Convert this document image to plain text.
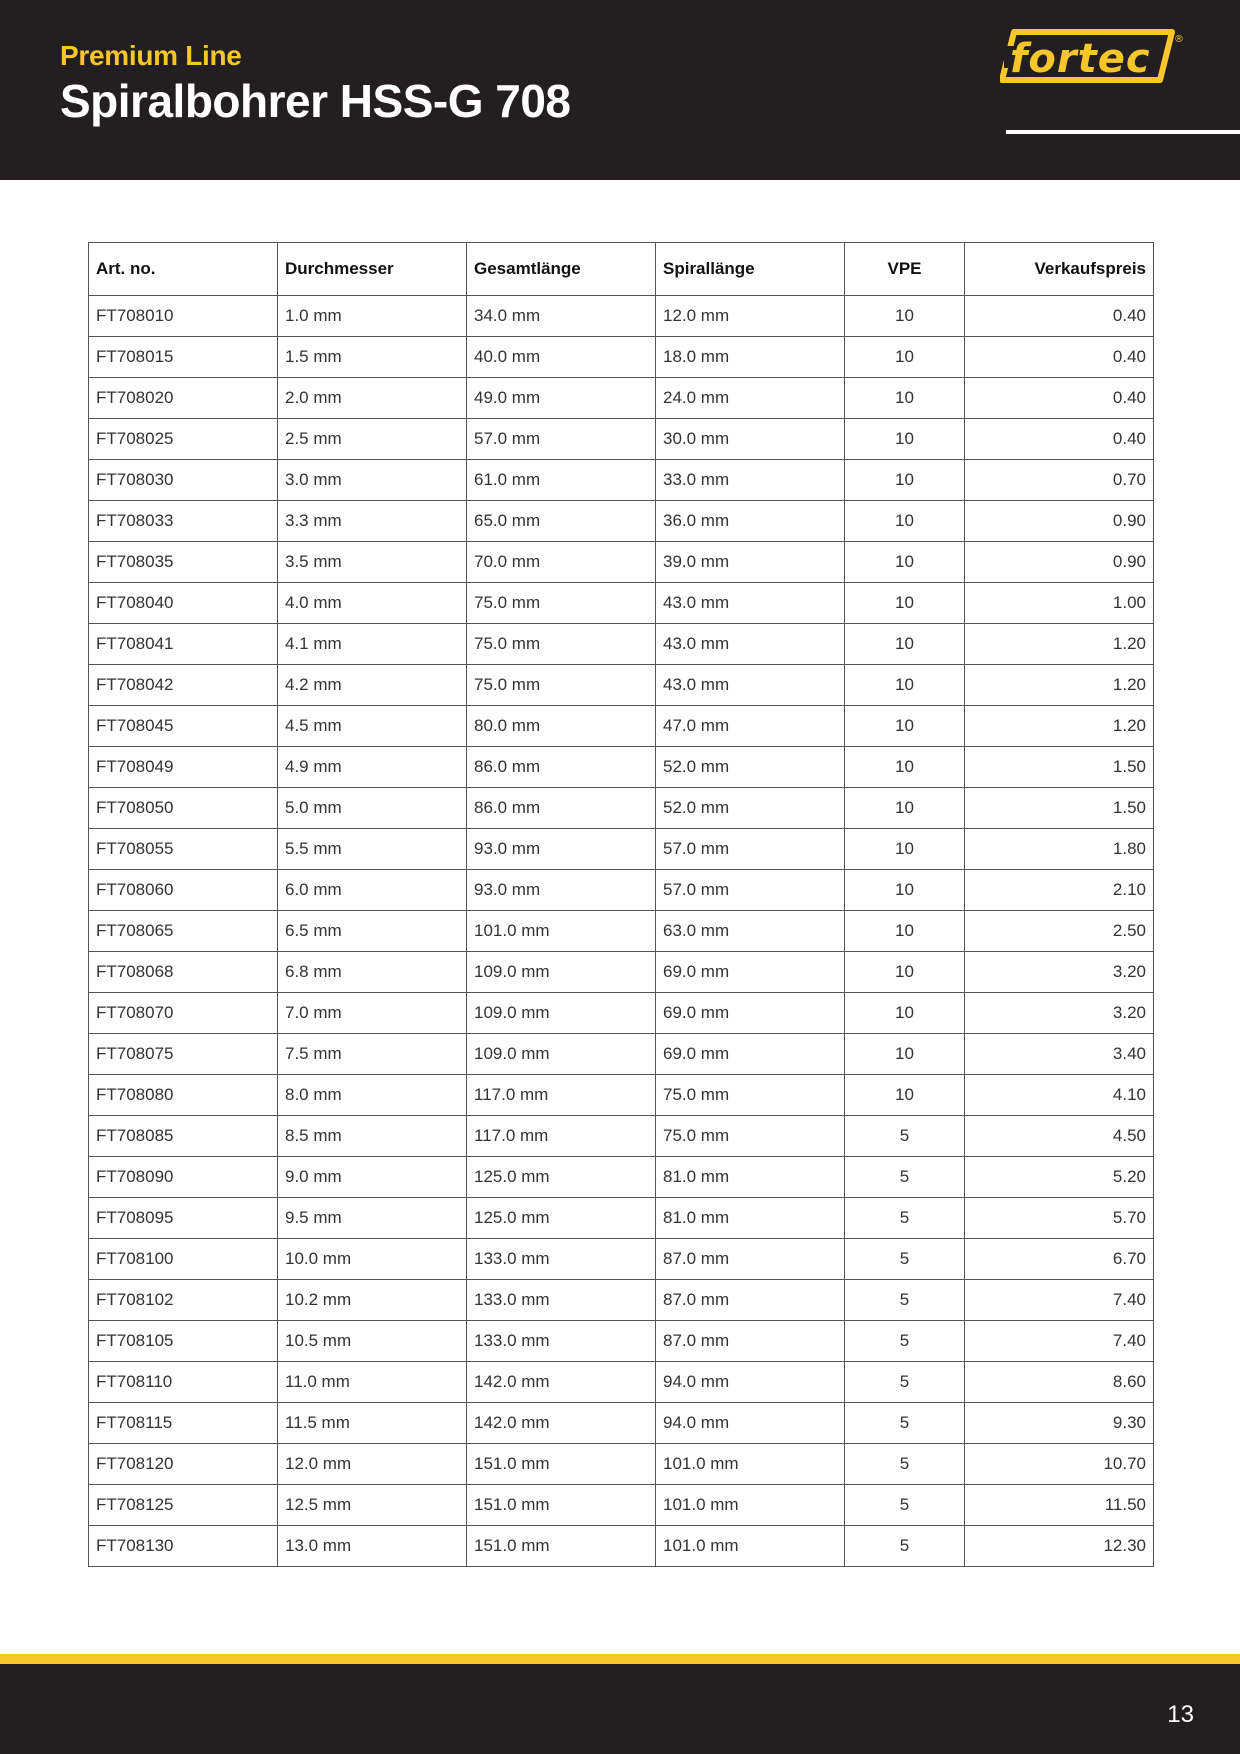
Premium Line
Spiralbohrer HSS-G 708
fortec ®
Art. no.	Durchmesser	Gesamtlänge	Spirallänge	VPE	Verkaufspreis
FT708010	1.0 mm	34.0 mm	12.0 mm	10	0.40
FT708015	1.5 mm	40.0 mm	18.0 mm	10	0.40
FT708020	2.0 mm	49.0 mm	24.0 mm	10	0.40
FT708025	2.5 mm	57.0 mm	30.0 mm	10	0.40
FT708030	3.0 mm	61.0 mm	33.0 mm	10	0.70
FT708033	3.3 mm	65.0 mm	36.0 mm	10	0.90
FT708035	3.5 mm	70.0 mm	39.0 mm	10	0.90
FT708040	4.0 mm	75.0 mm	43.0 mm	10	1.00
FT708041	4.1 mm	75.0 mm	43.0 mm	10	1.20
FT708042	4.2 mm	75.0 mm	43.0 mm	10	1.20
FT708045	4.5 mm	80.0 mm	47.0 mm	10	1.20
FT708049	4.9 mm	86.0 mm	52.0 mm	10	1.50
FT708050	5.0 mm	86.0 mm	52.0 mm	10	1.50
FT708055	5.5 mm	93.0 mm	57.0 mm	10	1.80
FT708060	6.0 mm	93.0 mm	57.0 mm	10	2.10
FT708065	6.5 mm	101.0 mm	63.0 mm	10	2.50
FT708068	6.8 mm	109.0 mm	69.0 mm	10	3.20
FT708070	7.0 mm	109.0 mm	69.0 mm	10	3.20
FT708075	7.5 mm	109.0 mm	69.0 mm	10	3.40
FT708080	8.0 mm	117.0 mm	75.0 mm	10	4.10
FT708085	8.5 mm	117.0 mm	75.0 mm	5	4.50
FT708090	9.0 mm	125.0 mm	81.0 mm	5	5.20
FT708095	9.5 mm	125.0 mm	81.0 mm	5	5.70
FT708100	10.0 mm	133.0 mm	87.0 mm	5	6.70
FT708102	10.2 mm	133.0 mm	87.0 mm	5	7.40
FT708105	10.5 mm	133.0 mm	87.0 mm	5	7.40
FT708110	11.0 mm	142.0 mm	94.0 mm	5	8.60
FT708115	11.5 mm	142.0 mm	94.0 mm	5	9.30
FT708120	12.0 mm	151.0 mm	101.0 mm	5	10.70
FT708125	12.5 mm	151.0 mm	101.0 mm	5	11.50
FT708130	13.0 mm	151.0 mm	101.0 mm	5	12.30
13
